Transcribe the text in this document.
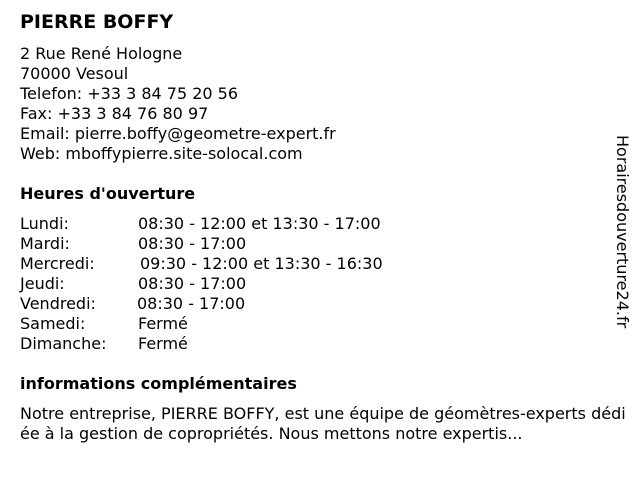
PIERRE BOFFY
2 Rue René Hologne
70000 Vesoul
Telefon: +33 3 84 75 20 56
Fax: +33 3 84 76 80 97
Email: pierre.boffy@geometre-expert.fr
Web: mboffypierre.site-solocal.com
Heures d'ouverture
Lundi:	08:30 - 12:00 et 13:30 - 17:00
Mardi:	08:30 - 17:00
Mercredi:	09:30 - 12:00 et 13:30 - 16:30
Jeudi:	08:30 - 17:00
Vendredi:	08:30 - 17:00
Samedi:	Fermé
Dimanche: Fermé
informations complémentaires
Notre entreprise, PIERRE BOFFY, est une équipe de géomètres-experts dédiée à la gestion de copropriétés. Nous mettons notre expertis...
Horairesdouverture24.fr
